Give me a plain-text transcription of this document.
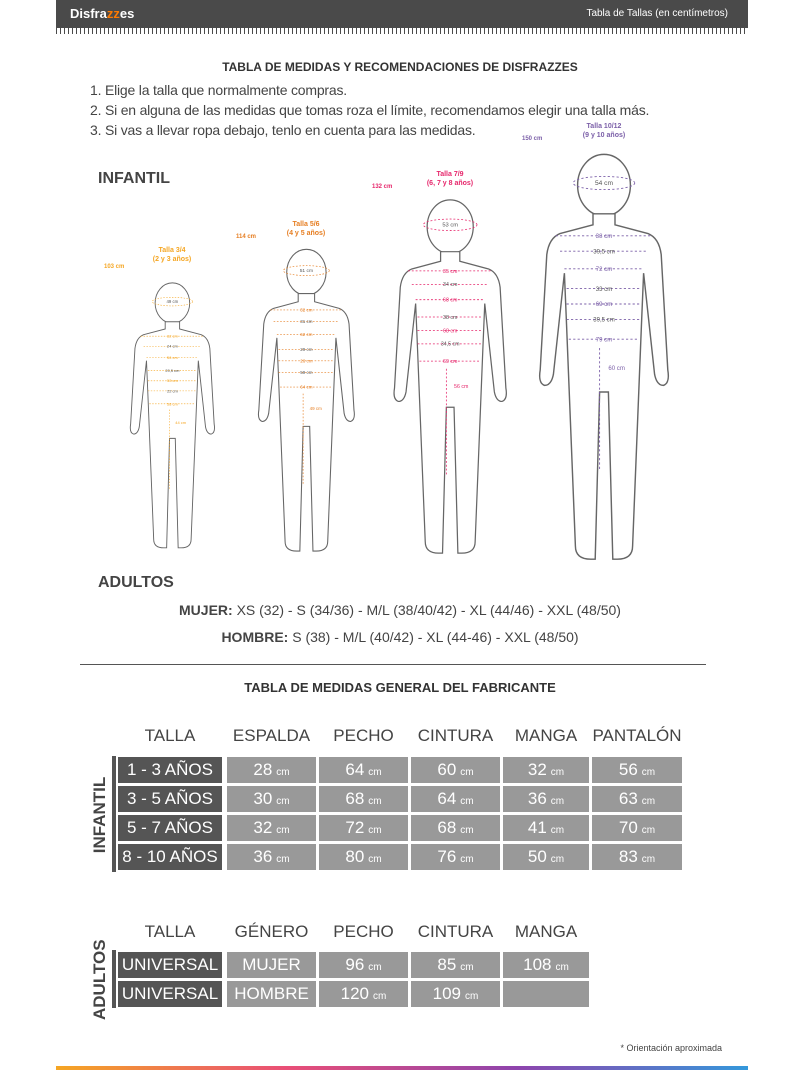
Disfrazzes	Tabla de Tallas (en centímetros)
TABLA DE MEDIDAS Y RECOMENDACIONES DE DISFRAZZES
1. Elige la talla que normalmente compras.
2. Si en alguna de las medidas que tomas roza el límite, recomendamos elegir una talla más.
3. Si vas a llevar ropa debajo, tenlo en cuenta para las medidas.
INFANTIL
49 cm
32 cm
24 cm
56 cm
20,5 cm
53 cm
22 cm
58 cm
44 cm
Talla 3/4
(2 y 3 años)
103 cm
51 cm
32 cm
31 cm
62 cm
29 cm
26 cm
59 cm
64 cm
49 cm
Talla 5/6
(4 y 5 años)
114 cm
53 cm
35 cm
34 cm
68 cm
38 cm
68 cm
34,5 cm
69 cm
56 cm
Talla 7/9
(6, 7 y 8 años)
132 cm	54 cm
38 cm
39,5 cm
72 cm
33 cm
69 cm
39,5 cm
79 cm
60 cm
Talla 10/12
(9 y 10 años)
150 cm
ADULTOS
MUJER: XS (32) - S (34/36) - M/L (38/40/42) - XL (44/46) - XXL (48/50)
HOMBRE: S (38) - M/L (40/42) - XL (44-46) - XXL (48/50)
TABLA DE MEDIDAS GENERAL DEL FABRICANTE
TALLA	ESPALDA	PECHO	CINTURA	MANGA PANTALÓN
1 - 3 AÑOS	28 cm	64 cm	60 cm	32 cm	56 cm
3 - 5 AÑOS	30 cm	68 cm	64 cm	36 cm	63 cm
5 - 7 AÑOS	32 cm	72 cm	68 cm	41 cm	70 cm
8 - 10 AÑOS 36 cm	80 cm	76 cm	50 cm	83 cm
INFANTIL
TALLA	GÉNERO	PECHO	CINTURA	MANGA
UNIVERSAL	MUJER	96 cm	85 cm	108 cm
UNIVERSAL HOMBRE	120 cm	109 cm
ADULTOS
* Orientación aproximada
